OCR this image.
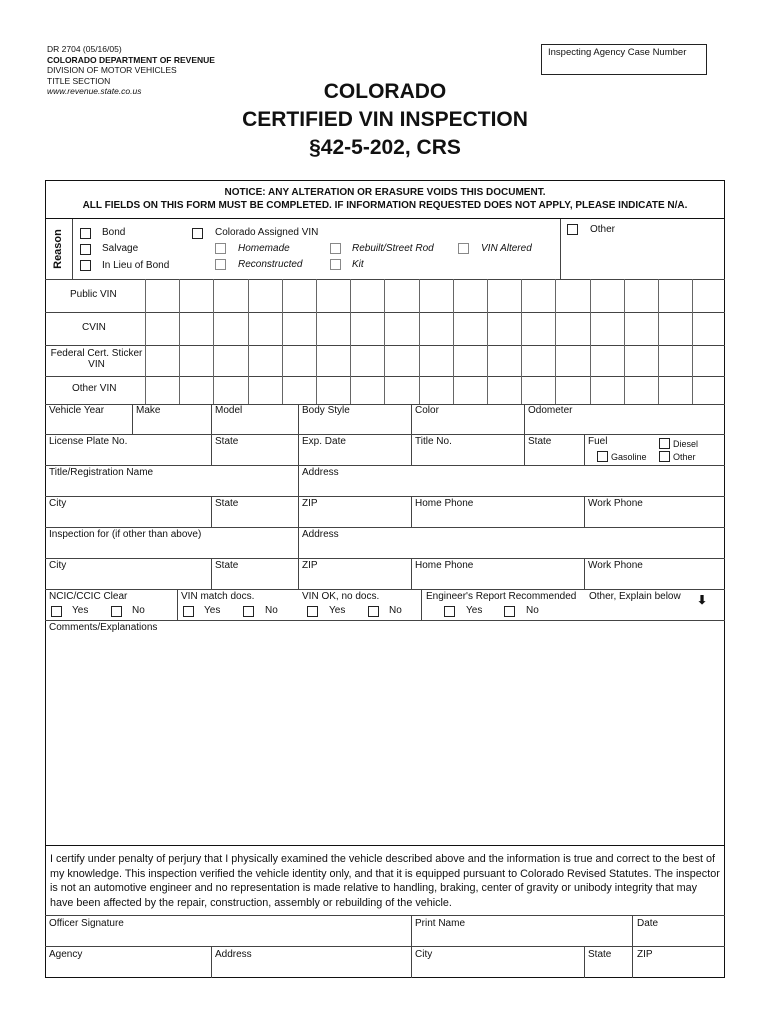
DR 2704 (05/16/05)
COLORADO DEPARTMENT OF REVENUE
DIVISION OF MOTOR VEHICLES
TITLE SECTION
www.revenue.state.co.us
Inspecting Agency Case Number
COLORADO
CERTIFIED VIN INSPECTION
§42-5-202, CRS
NOTICE: ANY ALTERATION OR ERASURE VOIDS THIS DOCUMENT.
ALL FIELDS ON THIS FORM MUST BE COMPLETED. IF INFORMATION REQUESTED DOES NOT APPLY, PLEASE INDICATE N/A.
Reason	Bond
Salvage
In Lieu of Bond
Colorado Assigned VIN
Homemade
Reconstructed
Rebuilt/Street Rod
Kit
VIN Altered
Other
Public VIN
CVIN
Federal Cert. Sticker
VIN
Other VIN
Vehicle Year	Make	Model	Body Style	Color	Odometer
License Plate No.	State	Exp. Date	Title No.	State	Fuel	Diesel
Gasoline	Other
Title/Registration Name	Address
City	State	ZIP	Home Phone	Work Phone
Inspection for (if other than above)	Address
City	State	ZIP	Home Phone	Work Phone
NCIC/CCIC Clear
Yes	No
VIN match docs.
Yes	No
VIN OK, no docs.
Yes	No
Engineer's Report Recommended
Yes	No
Other, Explain below ⬇
Comments/Explanations
I certify under penalty of perjury that I physically examined the vehicle described above and the information is true and correct to the best of my knowledge. This inspection verified the vehicle identity only, and that it is equipped pursuant to Colorado Revised Statutes. The inspector is not an automotive engineer and no representation is made relative to handling, braking, center of gravity or unibody integrity that may have been affected by the repair, construction, assembly or rebuilding of the vehicle.
Officer Signature	Print Name	Date
Agency	Address	City	State	ZIP
